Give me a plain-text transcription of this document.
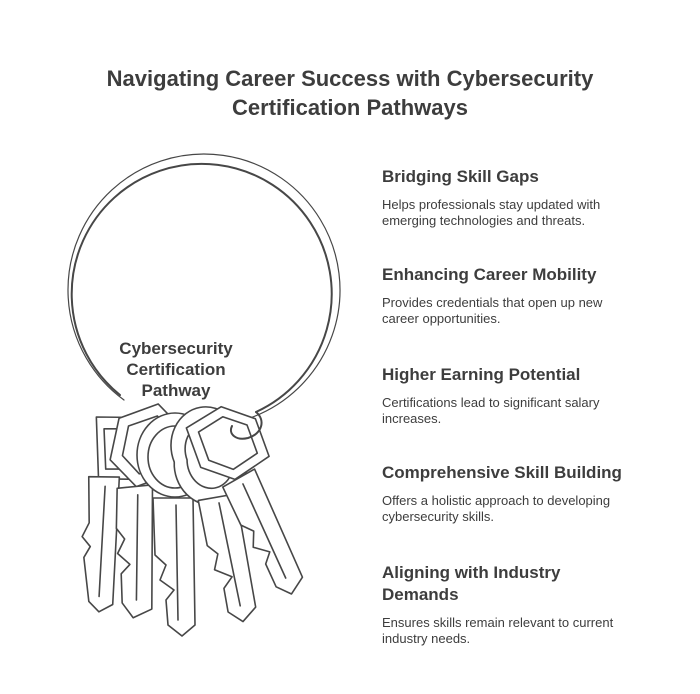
Navigating Career Success with Cybersecurity
Certification Pathways
Cybersecurity
Certification
Pathway
Bridging Skill Gaps
Helps professionals stay updated with
emerging technologies and threats.
Enhancing Career Mobility
Provides credentials that open up new
career opportunities.
Higher Earning Potential
Certifications lead to significant salary
increases.
Comprehensive Skill Building
Offers a holistic approach to developing
cybersecurity skills.
Aligning with Industry
Demands
Ensures skills remain relevant to current
industry needs.
